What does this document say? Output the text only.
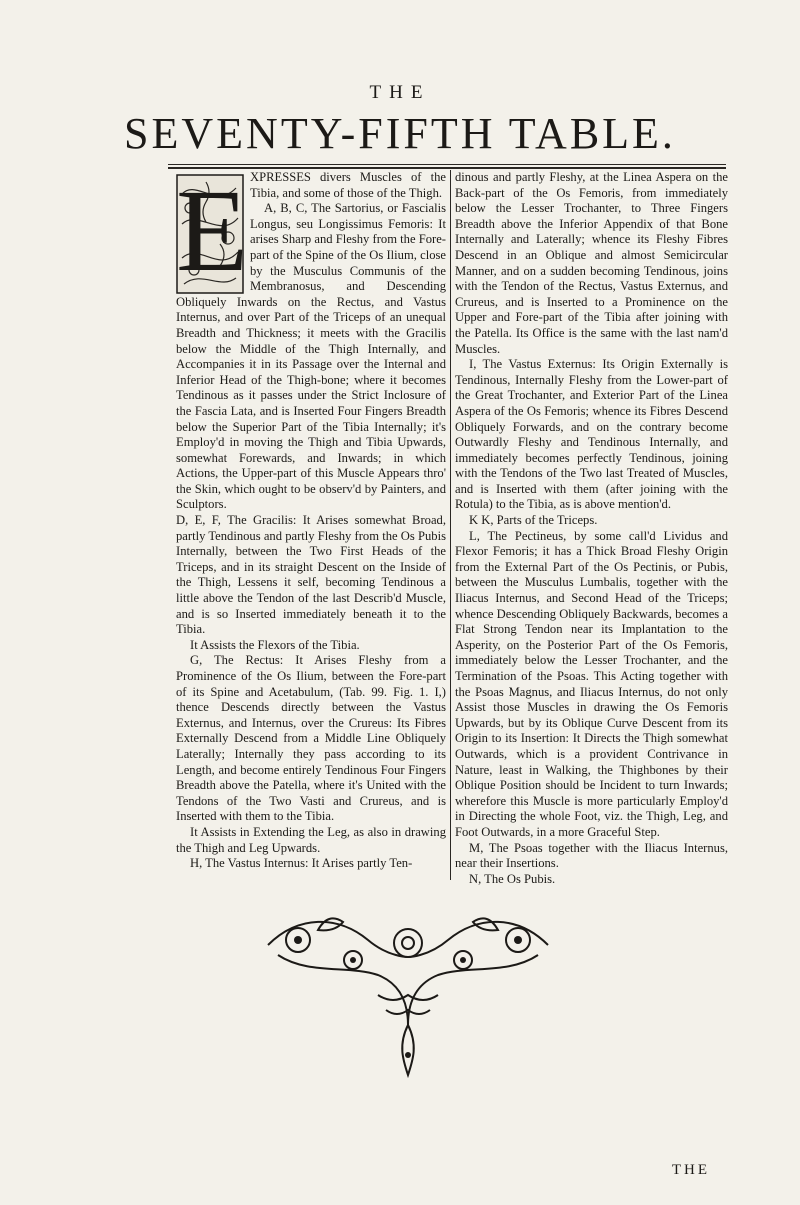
THE
SEVENTY-FIFTH TABLE.
E XPRESSES divers Muscles of the Tibia, and some of those of the Thigh.

A, B, C, The Sartorius, or Fascialis Longus, seu Longissimus Femoris: It arises Sharp and Fleshy from the Fore-part of the Spine of the Os Ilium, close by the Musculus Communis of the Membranosus, and Descending Obliquely Inwards on the Rectus, and Vastus Internus, and over Part of the Triceps of an unequal Breadth and Thickness; it meets with the Gracilis below the Middle of the Thigh Internally, and Accompanies it in its Passage over the Internal and Inferior Head of the Thigh-bone; where it becomes Tendinous as it passes under the Strict Inclosure of the Fascia Lata, and is Inserted Four Fingers Breadth below the Superior Part of the Tibia Internally; it's Employ'd in moving the Thigh and Tibia Upwards, somewhat Forewards, and Inwards; in which Actions, the Upper-part of this Muscle Appears thro' the Skin, which ought to be observ'd by Painters, and Sculptors.

D, E, F, The Gracilis: It Arises somewhat Broad, partly Tendinous and partly Fleshy from the Os Pubis Internally, between the Two First Heads of the Triceps, and in its straight Descent on the Inside of the Thigh, Lessens it self, becoming Tendinous a little above the Tendon of the last Describ'd Muscle, and is so Inserted immediately beneath it to the Tibia.

It Assists the Flexors of the Tibia.

G, The Rectus: It Arises Fleshy from a Prominence of the Os Ilium, between the Fore-part of its Spine and Acetabulum, (Tab. 99. Fig. 1. I,) thence Descends directly between the Vastus Externus, and Internus, over the Crureus: Its Fibres Externally Descend from a Middle Line Obliquely Laterally; Internally they pass according to its Length, and become entirely Tendinous Four Fingers Breadth above the Patella, where it's United with the Tendons of the Two Vasti and Crureus, and is Inserted with them to the Tibia.

It Assists in Extending the Leg, as also in drawing the Thigh and Leg Upwards.

H, The Vastus Internus: It Arises partly Ten-

dinous and partly Fleshy, at the Linea Aspera on the Back-part of the Os Femoris, from immediately below the Lesser Trochanter, to Three Fingers Breadth above the Inferior Appendix of that Bone Internally and Laterally; whence its Fleshy Fibres Descend in an Oblique and almost Semicircular Manner, and on a sudden becoming Tendinous, joins with the Tendon of the Rectus, Vastus Externus, and Crureus, and is Inserted to a Prominence on the Upper and Fore-part of the Tibia after joining with the Patella. Its Office is the same with the last nam'd Muscles.

I, The Vastus Externus: Its Origin Externally is Tendinous, Internally Fleshy from the Lower-part of the Great Trochanter, and Exterior Part of the Linea Aspera of the Os Femoris; whence its Fibres Descend Obliquely Forwards, and on the contrary become Outwardly Fleshy and Tendinous Internally, and immediately becomes perfectly Tendinous, joining with the Tendons of the Two last Treated of Muscles, and is Inserted with them (after joining with the Rotula) to the Tibia, as is above mention'd.

K K, Parts of the Triceps.

L, The Pectineus, by some call'd Lividus and Flexor Femoris; it has a Thick Broad Fleshy Origin from the External Part of the Os Pectinis, or Pubis, between the Musculus Lumbalis, together with the Iliacus Internus, and Second Head of the Triceps; whence Descending Obliquely Backwards, becomes a Flat Strong Tendon near its Implantation to the Asperity, on the Posterior Part of the Os Femoris, immediately below the Lesser Trochanter, and the Termination of the Psoas. This Acting together with the Psoas Magnus, and Iliacus Internus, do not only Assist those Muscles in drawing the Os Femoris Upwards, but by its Oblique Curve Descent from its Origin to its Insertion: It Directs the Thigh somewhat Outwards, which is a provident Contrivance in Nature, least in Walking, the Thighbones by their Oblique Position should be Incident to turn Inwards; wherefore this Muscle is more particularly Employ'd in Directing the whole Foot, viz. the Thigh, Leg, and Foot Outwards, in a more Graceful Step.

M, The Psoas together with the Iliacus Internus, near their Insertions.

N, The Os Pubis.

THE
